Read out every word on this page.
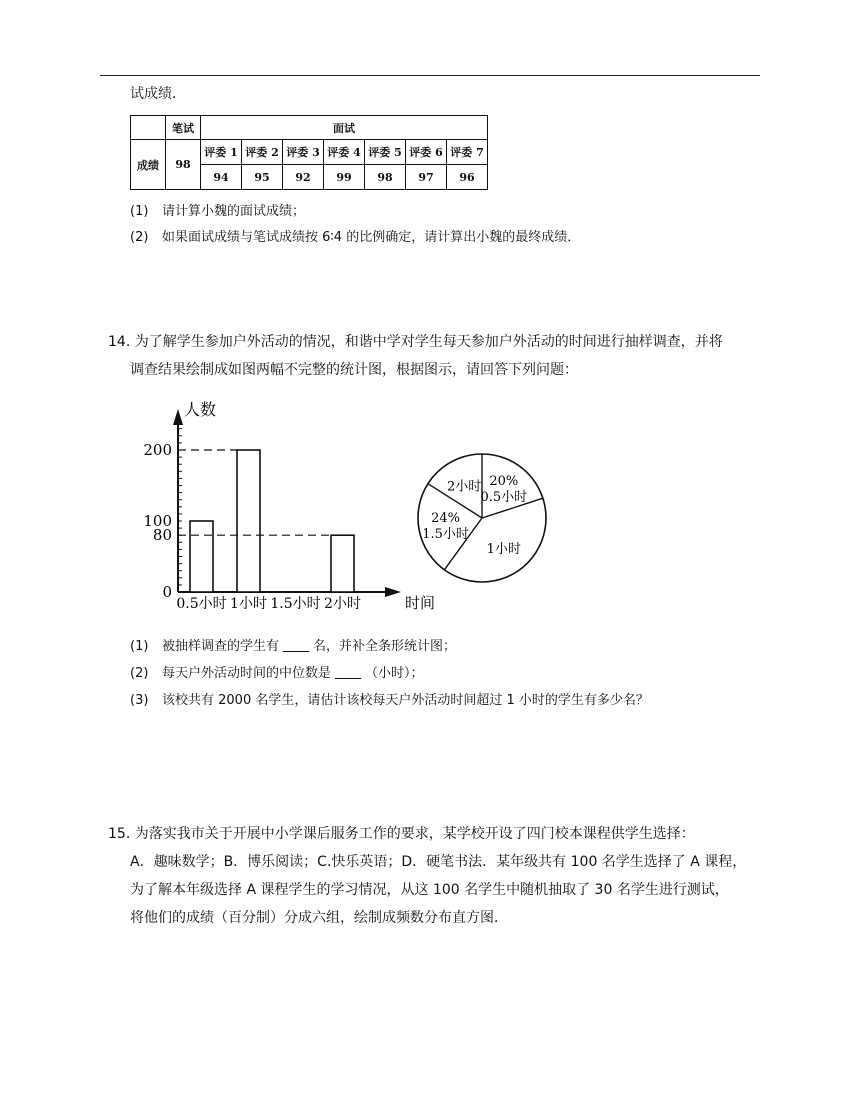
试成绩．
	笔试	面试						
成绩	98	评委 1	评委 2	评委 3	评委 4	评委 5	评委 6	评委 7
		94	95	92	99	98	97	96
(1) 请计算小魏的面试成绩；
(2) 如果面试成绩与笔试成绩按 6∶4 的比例确定，请计算出小魏的最终成绩．
14. 为了解学生参加户外活动的情况，和谐中学对学生每天参加户外活动的时间进行抽样调查，并将
调查结果绘制成如图两幅不完整的统计图，根据图示，请回答下列问题：
0
80
100
200
人数
时间
0.5小时 1小时 1.5小时 2小时
20%
0.5小时
1小时
24%
1.5小时
2小时
(1) 被抽样调查的学生有	名，并补全条形统计图；
(2) 每天户外活动时间的中位数是	（小时）；
(3) 该校共有 2000 名学生，请估计该校每天户外活动时间超过 1 小时的学生有多少名？
15. 为落实我市关于开展中小学课后服务工作的要求，某学校开设了四门校本课程供学生选择：
A．趣味数学；B．博乐阅读；C.快乐英语；D．硬笔书法．某年级共有 100 名学生选择了 A 课程，
为了解本年级选择 A 课程学生的学习情况，从这 100 名学生中随机抽取了 30 名学生进行测试，
将他们的成绩（百分制）分成六组，绘制成频数分布直方图．
